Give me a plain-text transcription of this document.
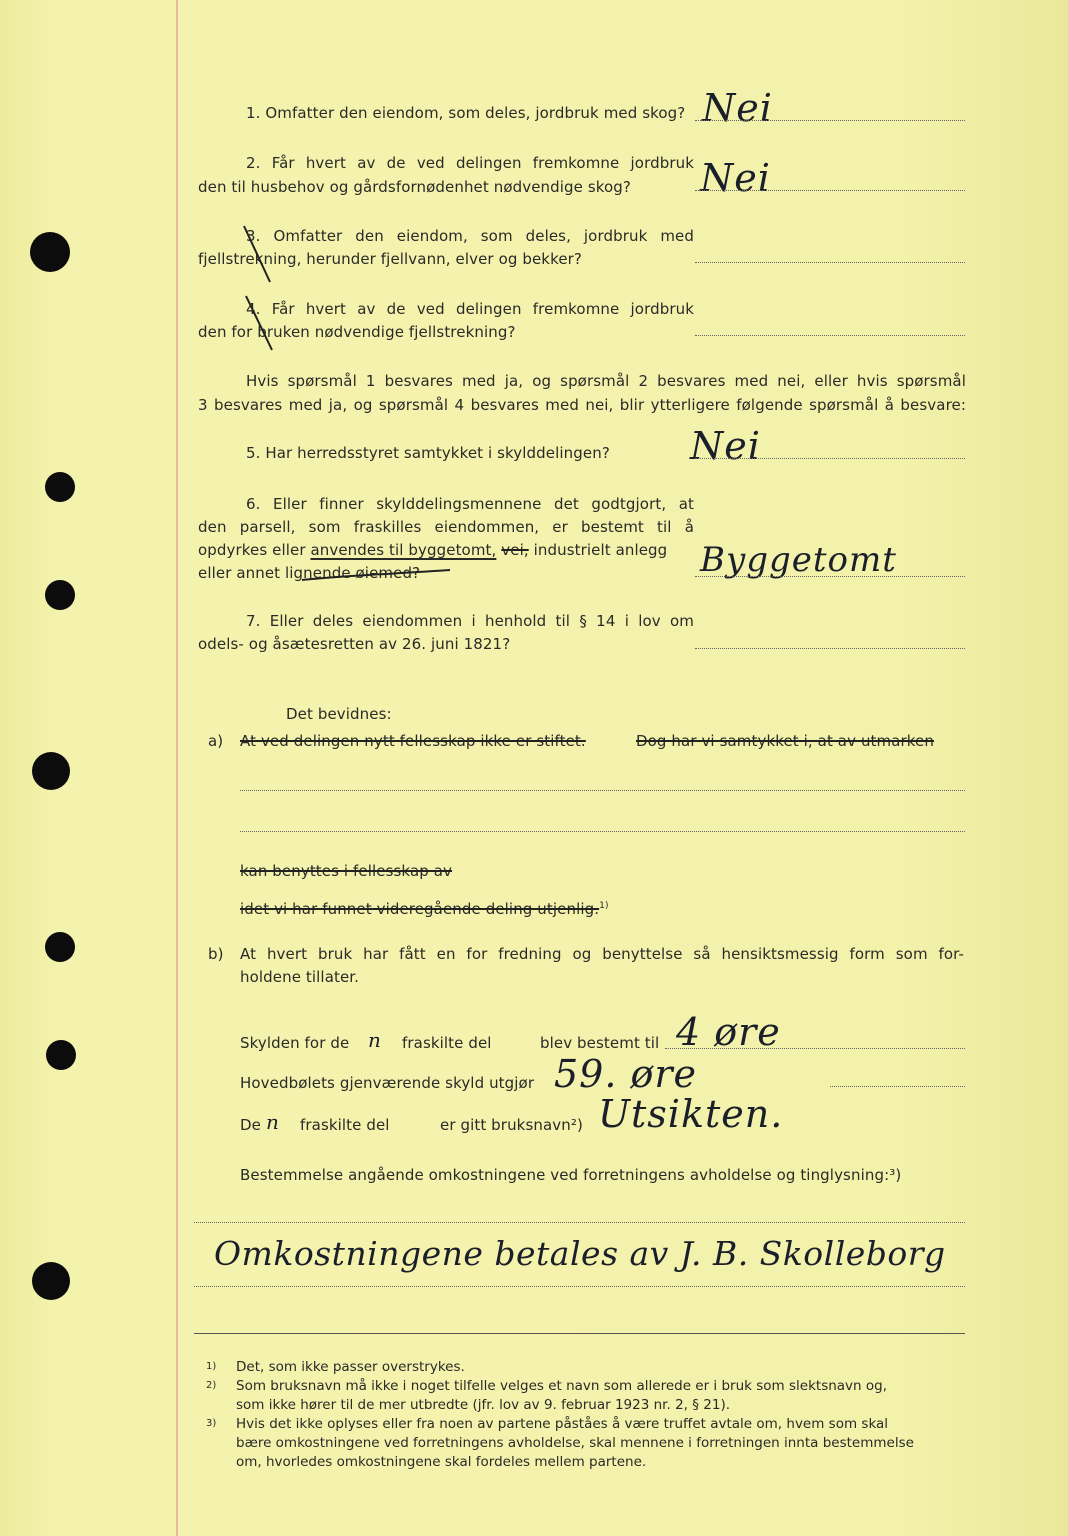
1. Omfatter den eiendom, som deles, jordbruk med skog? Nei
2. Får hvert av de ved delingen fremkomne jordbruk
den til husbehov og gårdsfornødenhet nødvendige skog? Nei
3. Omfatter den eiendom, som deles, jordbruk med
fjellstrekning, herunder fjellvann, elver og bekker?
4. Får hvert av de ved delingen fremkomne jordbruk
den for bruken nødvendige fjellstrekning?
Hvis spørsmål 1 besvares med ja, og spørsmål 2 besvares med nei, eller hvis spørsmål
3 besvares med ja, og spørsmål 4 besvares med nei, blir ytterligere følgende spørsmål å besvare:
5. Har herredsstyret samtykket i skylddelingen? Nei
6. Eller finner skylddelingsmennene det godtgjort, at
den parsell, som fraskilles eiendommen, er bestemt til å
opdyrkes eller anvendes til byggetomt, vei, industrielt anlegg
eller annet lignende øiemed?	Byggetomt
7. Eller deles eiendommen i henhold til § 14 i lov om
odels- og åsætesretten av 26. juni 1821?
Det bevidnes:
a) At ved delingen nytt fellesskap ikke er stiftet.	Dog har vi samtykket i, at av utmarken
kan benyttes i fellesskap av
idet vi har funnet videregående deling utjenlig.$^{1)}$
b) At hvert bruk har fått en for fredning og benyttelse så hensiktsmessig form som for-
holdene tillater.
Skylden for de n fraskilte del	blev bestemt til 4 øre
Hovedbølets gjenværende skyld utgjør 59. øre
De n fraskilte del	er gitt bruksnavn²) Utsikten.
Bestemmelse angående omkostningene ved forretningens avholdelse og tinglysning:³)
Omkostningene betales av J. B. Skolleborg
1) Det, som ikke passer overstrykes.
2) Som bruksnavn må ikke i noget tilfelle velges et navn som allerede er i bruk som slektsnavn og,
som ikke hører til de mer utbredte (jfr. lov av 9. februar 1923 nr. 2, § 21).
3) Hvis det ikke oplyses eller fra noen av partene påståes å være truffet avtale om, hvem som skal
bære omkostningene ved forretningens avholdelse, skal mennene i forretningen innta bestemmelse
om, hvorledes omkostningene skal fordeles mellem partene.
